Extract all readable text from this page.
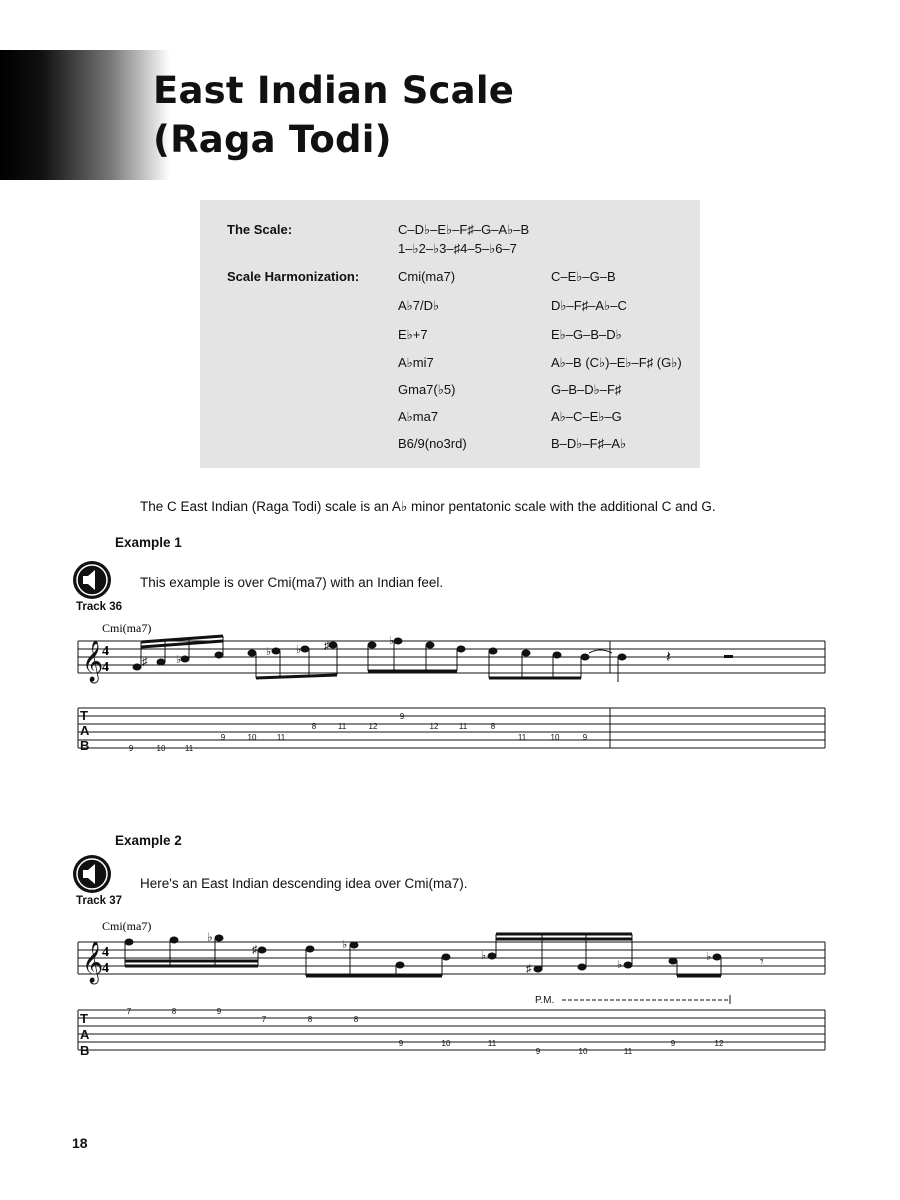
East Indian Scale
(Raga Todi)
The Scale:	C–D♭–E♭–F♯–G–A♭–B
1–♭2–♭3–♯4–5–♭6–7
Scale Harmonization:	Cmi(ma7)	C–E♭–G–B
A♭7/D♭	D♭–F♯–A♭–C
E♭+7	E♭–G–B–D♭
A♭mi7	A♭–B (C♭)–E♭–F♯ (G♭)
Gma7(♭5)	G–B–D♭–F♯
A♭ma7	A♭–C–E♭–G
B6/9(no3rd)	B–D♭–F♯–A♭
The C East Indian (Raga Todi) scale is an A♭ minor pentatonic scale with the additional C and G.
Example 1
Track 36
This example is over Cmi(ma7) with an Indian feel.
𝄞
4
4
Cmi(ma7)
𝄽
♯	♭
♭ ♭ ♯	♭
T
A
B	9	10 11
9	10	11
8	11	12
9
12	11	8
11	10	9
Example 2
Track 37
Here's an East Indian descending idea over Cmi(ma7).
𝄞
4
4
Cmi(ma7)
𝄾
♭
♯	♭
♭
♯	♭
♭
P.M.
T
A
B
7	8	9
7	8	8
9	10	11
9	10	11
9	12
18
